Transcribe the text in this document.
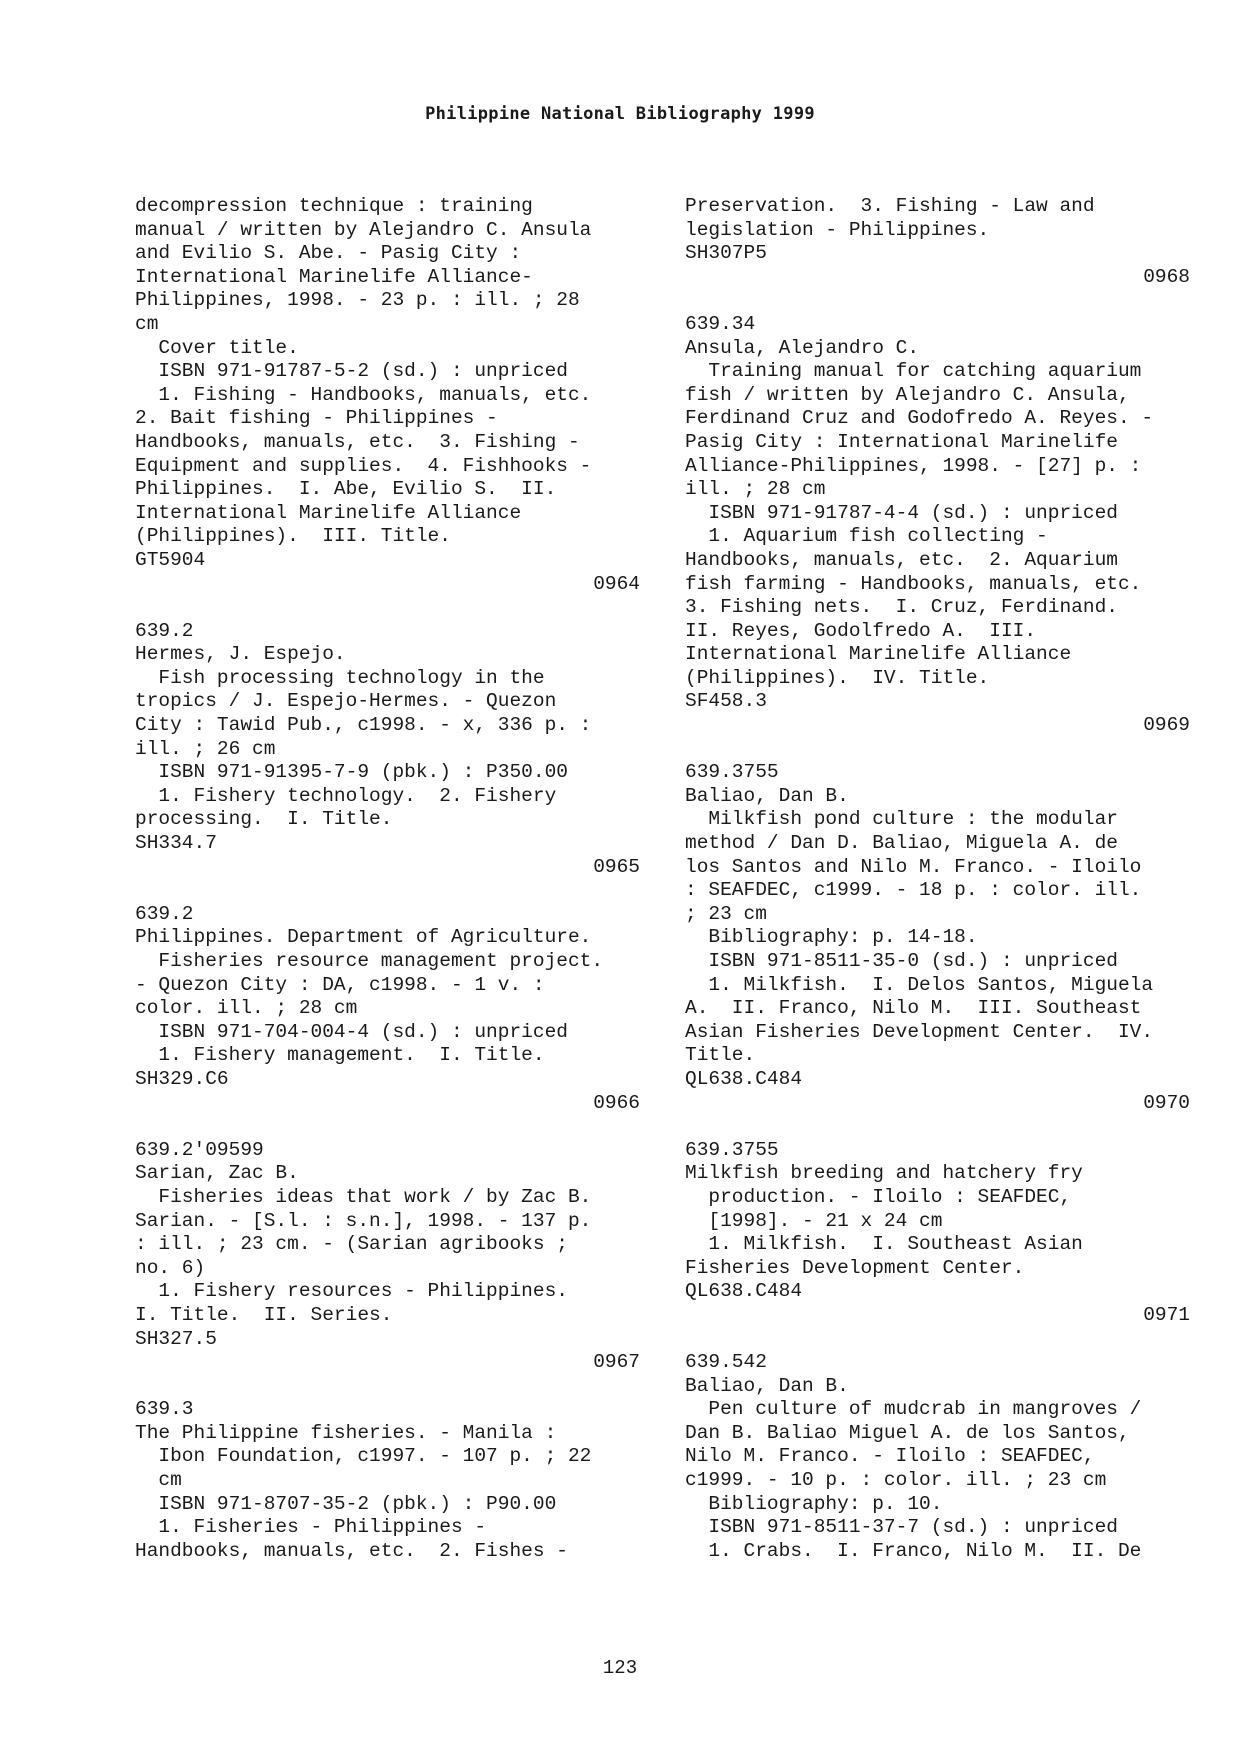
Philippine National Bibliography 1999
decompression technique : training
manual / written by Alejandro C. Ansula
and Evilio S. Abe. - Pasig City :
International Marinelife Alliance-
Philippines, 1998. - 23 p. : ill. ; 28
cm
Cover title.
ISBN 971-91787-5-2 (sd.) : unpriced
1. Fishing - Handbooks, manuals, etc.
2. Bait fishing - Philippines -
Handbooks, manuals, etc.  3. Fishing -
Equipment and supplies.  4. Fishhooks -
Philippines.  I. Abe, Evilio S.  II.
International Marinelife Alliance
(Philippines).  III. Title.
GT5904
0964
639.2
Hermes, J. Espejo.
Fish processing technology in the
tropics / J. Espejo-Hermes. - Quezon
City : Tawid Pub., c1998. - x, 336 p. :
ill. ; 26 cm
ISBN 971-91395-7-9 (pbk.) : P350.00
1. Fishery technology.  2. Fishery
processing.  I. Title.
SH334.7
0965
639.2
Philippines. Department of Agriculture.
Fisheries resource management project.
- Quezon City : DA, c1998. - 1 v. :
color. ill. ; 28 cm
ISBN 971-704-004-4 (sd.) : unpriced
1. Fishery management.  I. Title.
SH329.C6
0966
639.2'09599
Sarian, Zac B.
Fisheries ideas that work / by Zac B.
Sarian. - [S.l. : s.n.], 1998. - 137 p.
: ill. ; 23 cm. - (Sarian agribooks ;
no. 6)
1. Fishery resources - Philippines.
I. Title.  II. Series.
SH327.5
0967
639.3
The Philippine fisheries. - Manila :
Ibon Foundation, c1997. - 107 p. ; 22
cm
ISBN 971-8707-35-2 (pbk.) : P90.00
1. Fisheries - Philippines -
Handbooks, manuals, etc.  2. Fishes -
Preservation.  3. Fishing - Law and
legislation - Philippines.
SH307P5
0968
639.34
Ansula, Alejandro C.
Training manual for catching aquarium
fish / written by Alejandro C. Ansula,
Ferdinand Cruz and Godofredo A. Reyes. -
Pasig City : International Marinelife
Alliance-Philippines, 1998. - [27] p. :
ill. ; 28 cm
ISBN 971-91787-4-4 (sd.) : unpriced
1. Aquarium fish collecting -
Handbooks, manuals, etc.  2. Aquarium
fish farming - Handbooks, manuals, etc.
3. Fishing nets.  I. Cruz, Ferdinand.
II. Reyes, Godolfredo A.  III.
International Marinelife Alliance
(Philippines).  IV. Title.
SF458.3
0969
639.3755
Baliao, Dan B.
Milkfish pond culture : the modular
method / Dan D. Baliao, Miguela A. de
los Santos and Nilo M. Franco. - Iloilo
: SEAFDEC, c1999. - 18 p. : color. ill.
; 23 cm
Bibliography: p. 14-18.
ISBN 971-8511-35-0 (sd.) : unpriced
1. Milkfish.  I. Delos Santos, Miguela
A.  II. Franco, Nilo M.  III. Southeast
Asian Fisheries Development Center.  IV.
Title.
QL638.C484
0970
639.3755
Milkfish breeding and hatchery fry
production. - Iloilo : SEAFDEC,
[1998]. - 21 x 24 cm
1. Milkfish.  I. Southeast Asian
Fisheries Development Center.
QL638.C484
0971
639.542
Baliao, Dan B.
Pen culture of mudcrab in mangroves /
Dan B. Baliao Miguel A. de los Santos,
Nilo M. Franco. - Iloilo : SEAFDEC,
c1999. - 10 p. : color. ill. ; 23 cm
Bibliography: p. 10.
ISBN 971-8511-37-7 (sd.) : unpriced
1. Crabs.  I. Franco, Nilo M.  II. De
123
